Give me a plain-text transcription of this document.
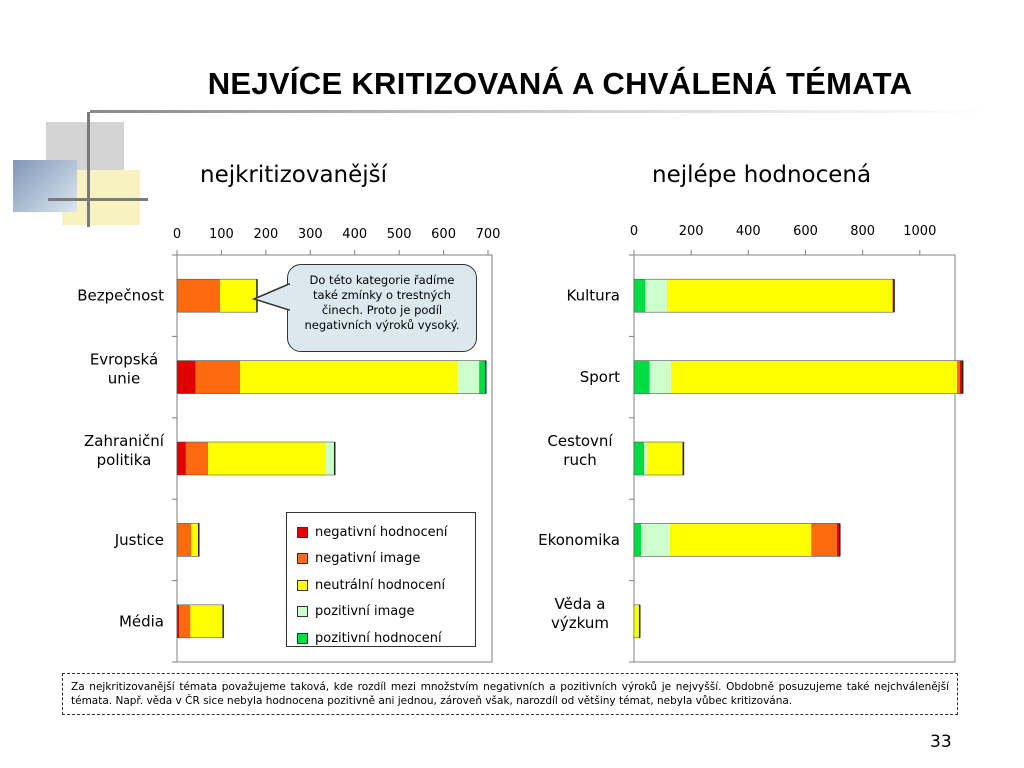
NEJVÍCE KRITIZOVANÁ A CHVÁLENÁ TÉMATA
nejkritizovanější	nejlépe hodnocená
0 100 200 300 400 500 600 700
Bezpečnost
Evropská
unie
Zahraniční
politika
Justice
Média
0	200 400 600 800 1000
Kultura
Sport
Cestovní
ruch
Ekonomika
Věda a
výzkum
Do této kategorie řadíme také zmínky o trestných činech. Proto je podíl negativních výroků vysoký.
negativní hodnocení
negativní image
neutrální hodnocení
pozitivní image
pozitivní hodnocení
Za nejkritizovanější témata považujeme taková, kde rozdíl mezi množstvím negativních a pozitivních výroků je nejvyšší. Obdobně posuzujeme také nejchválenější témata. Např. věda v ČR sice nebyla hodnocena pozitivně ani jednou, zároveň však, narozdíl od většiny témat, nebyla vůbec kritizována.
33
